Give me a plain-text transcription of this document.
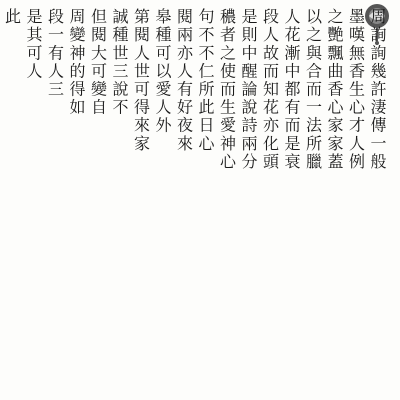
周詢詢幾許淒傳一般
墨嘆無香生心才人例
之艷飄曲香心家家蓋
以之與合而一法所臘
人花漸中都有而是衰
段人故而知花亦化頭
是則中醒論說詩兩分
穠者之使而生愛神心
句不不仁所此日心
閱兩亦人有好夜來
皋種可以愛人外
第閱人世可得來家
誠種世三說不
但閱大可變自
周變神的得如
段一有人三
是其可人
此
